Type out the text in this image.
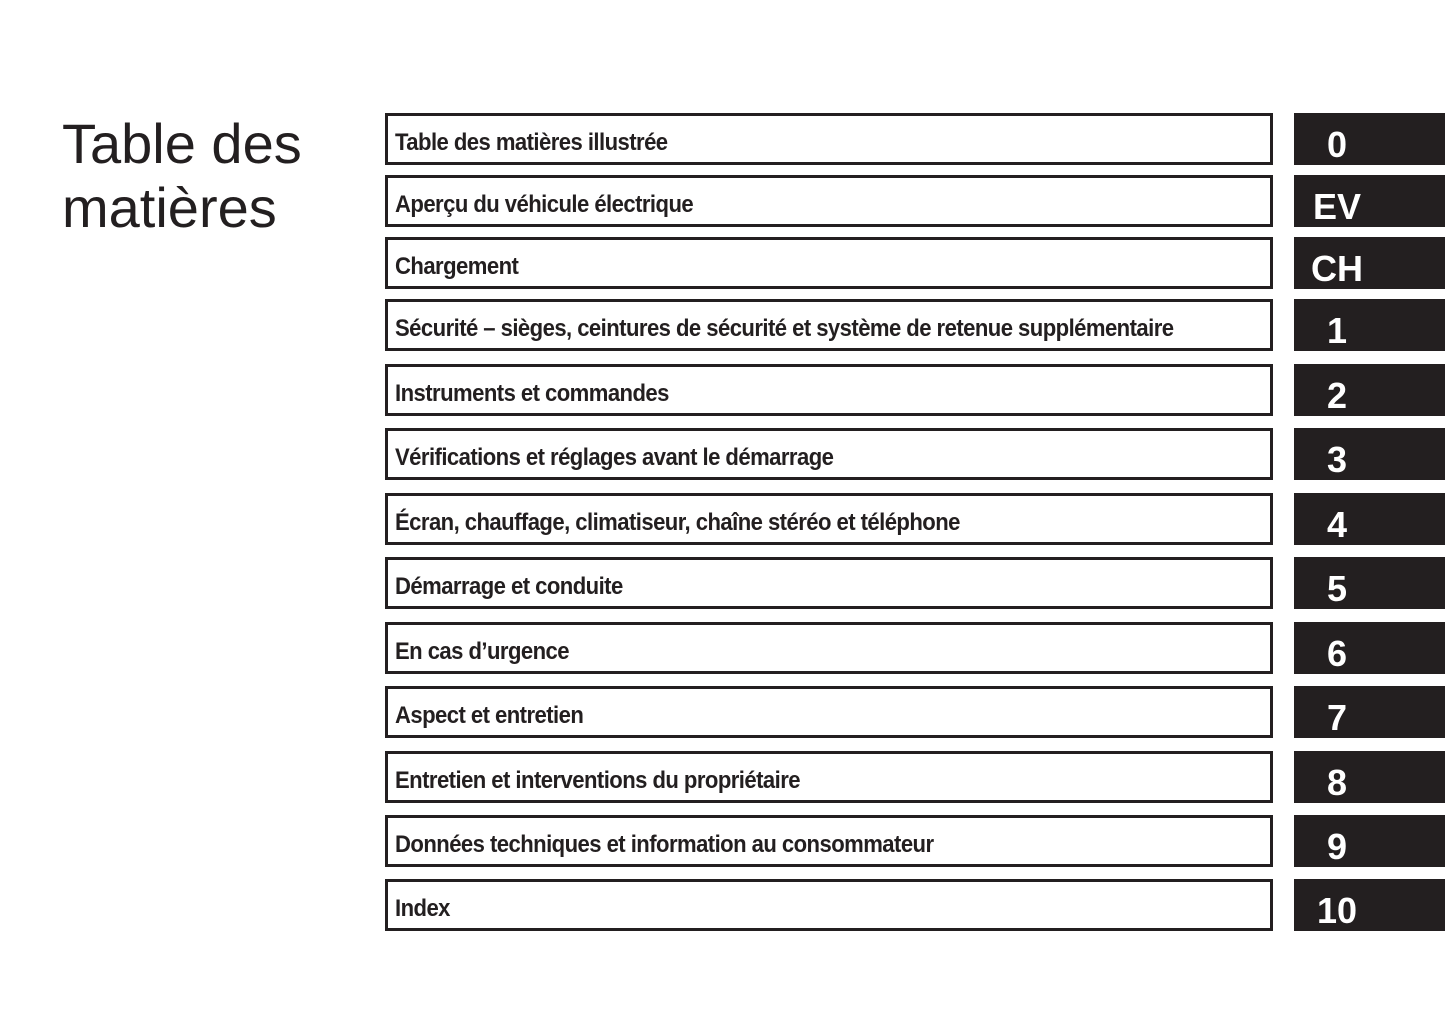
Table des
matières
Table des matières illustrée	0
Aperçu du véhicule électrique	EV
Chargement	CH
Sécurité – sièges, ceintures de sécurité et système de retenue supplémentaire	1
Instruments et commandes	2
Vérifications et réglages avant le démarrage	3
Écran, chauffage, climatiseur, chaîne stéréo et téléphone	4
Démarrage et conduite	5
En cas d’urgence	6
Aspect et entretien	7
Entretien et interventions du propriétaire	8
Données techniques et information au consommateur	9
Index	10
